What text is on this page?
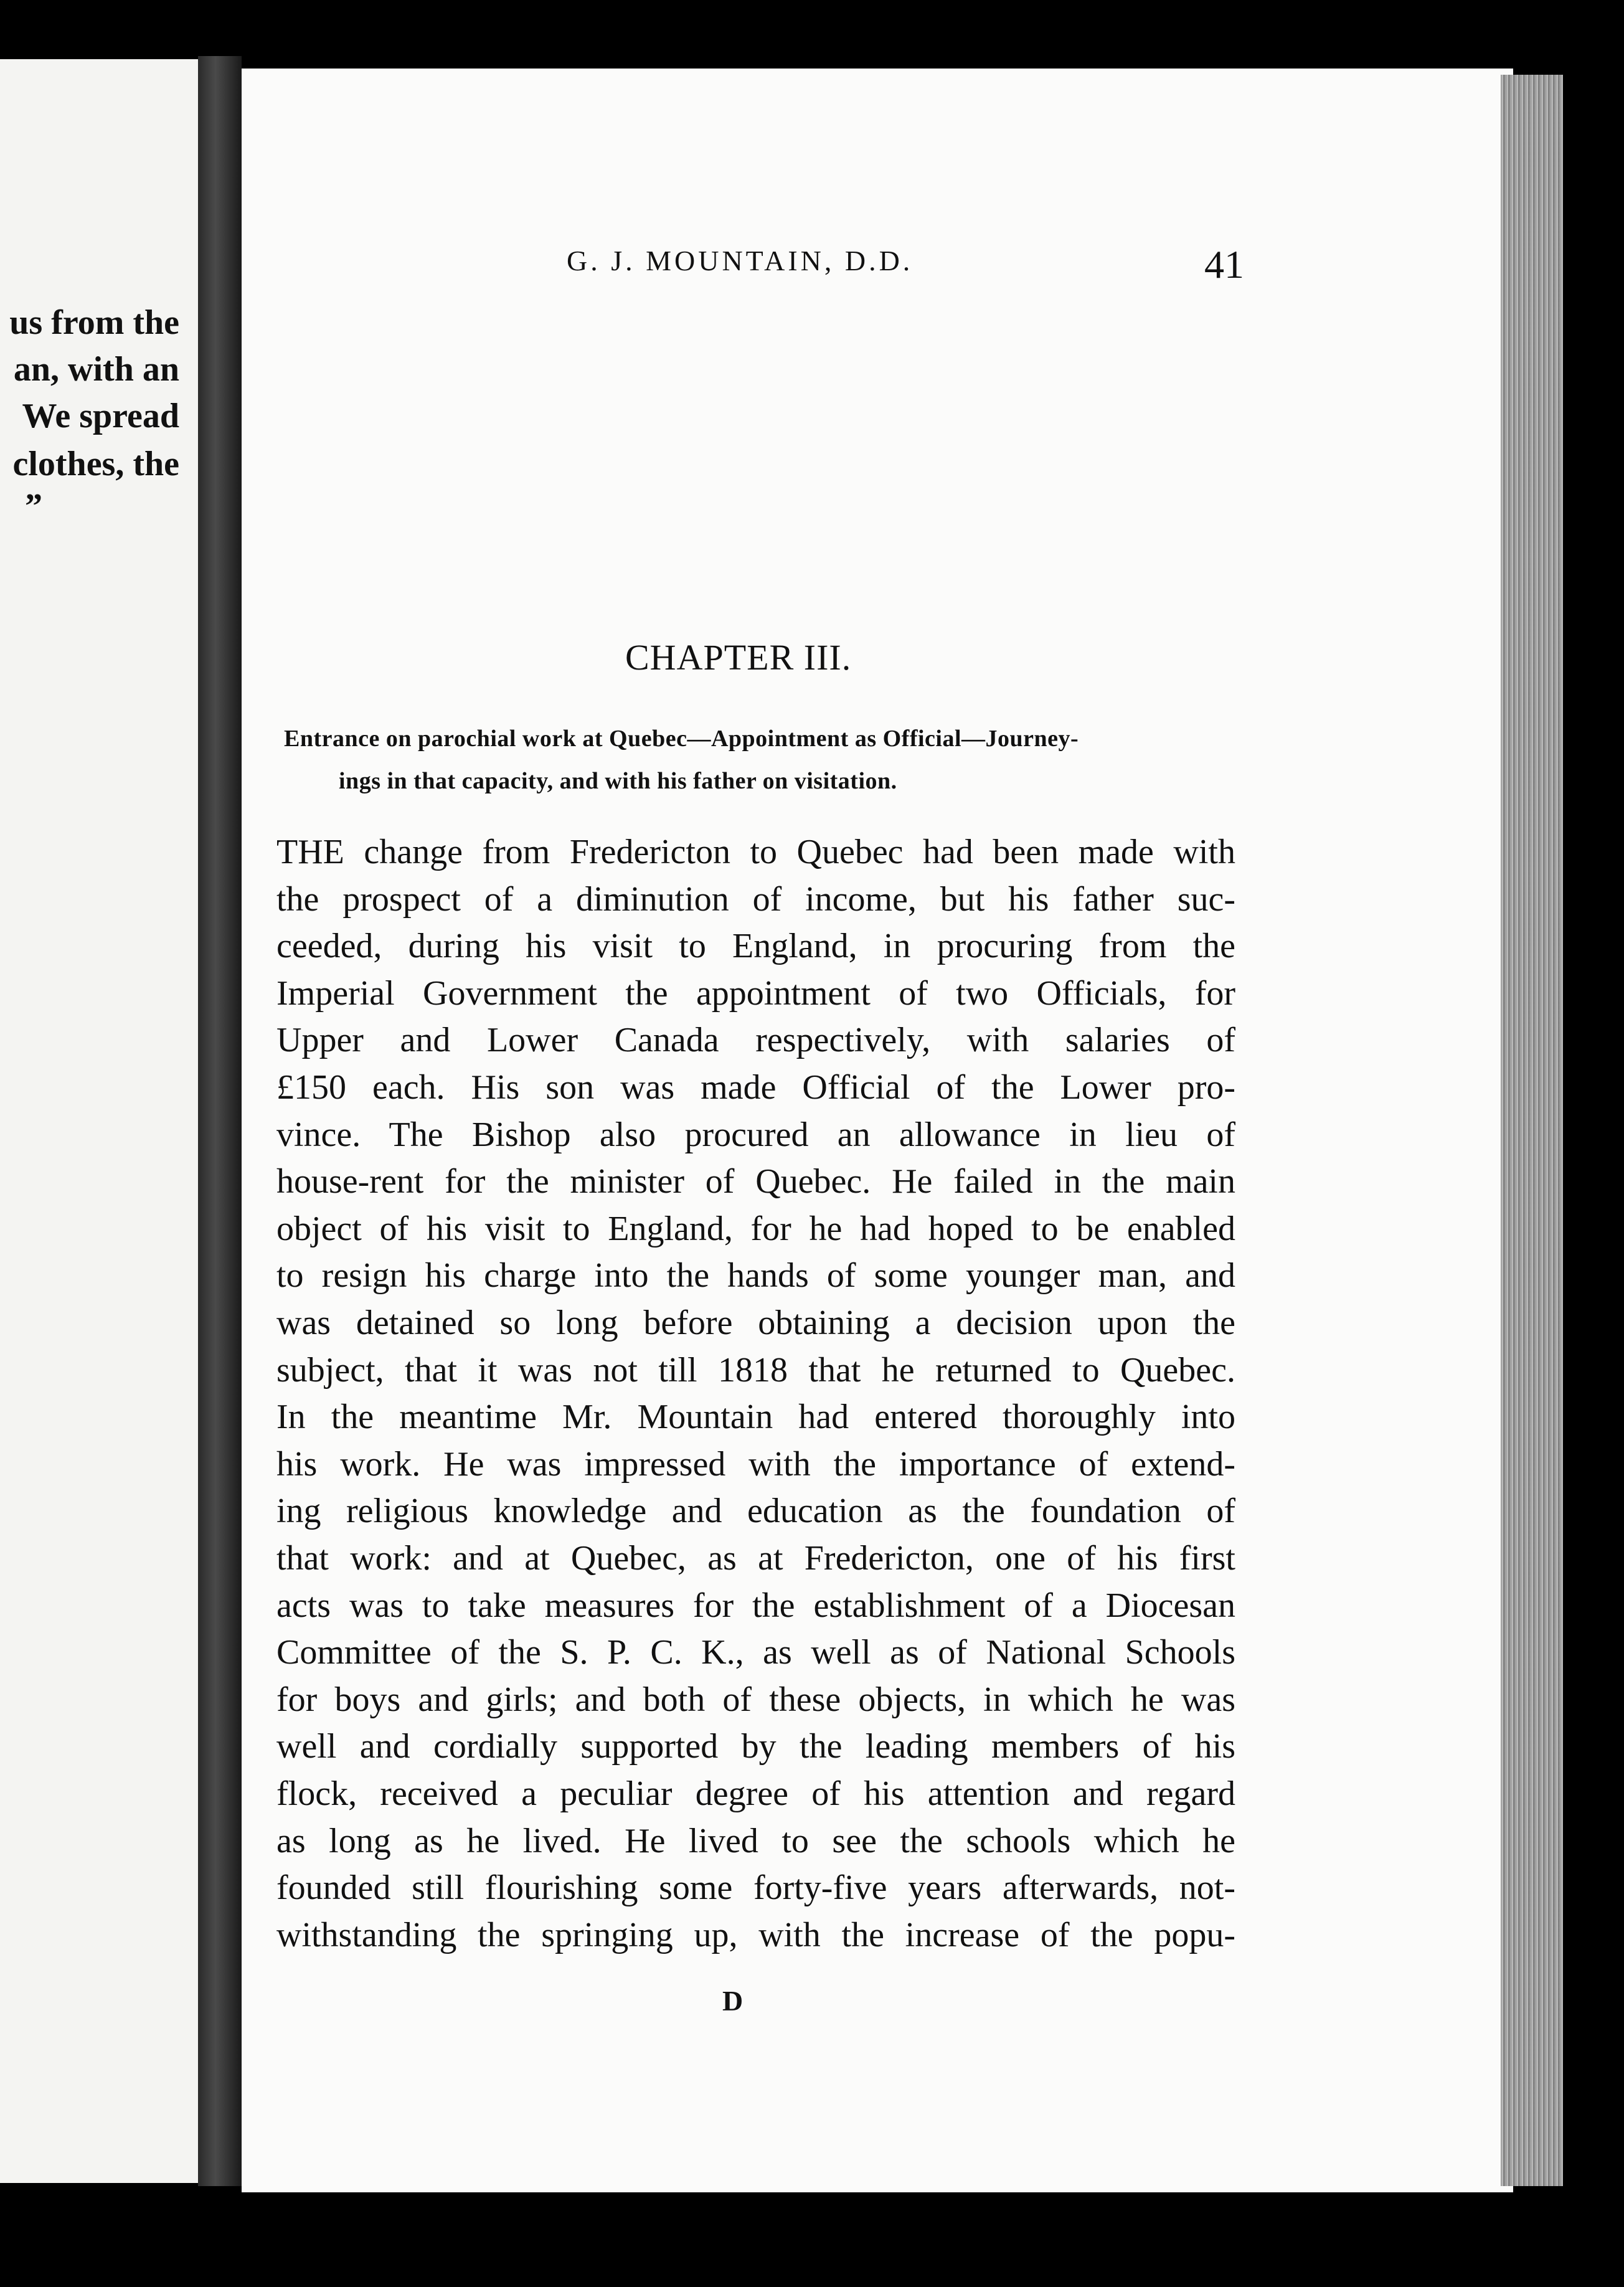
us from the
an, with an
We spread
clothes, the
”
G. J. MOUNTAIN, D.D.	41
CHAPTER III.
Entrance on parochial work at Quebec—Appointment as Official—Journey-
ings in that capacity, and with his father on visitation.
THE change from Fredericton to Quebec had been made with
the prospect of a diminution of income, but his father suc-
ceeded, during his visit to England, in procuring from the
Imperial Government the appointment of two Officials, for
Upper and Lower Canada respectively, with salaries of
£150 each. His son was made Official of the Lower pro-
vince. The Bishop also procured an allowance in lieu of
house-rent for the minister of Quebec. He failed in the main
object of his visit to England, for he had hoped to be enabled
to resign his charge into the hands of some younger man, and
was detained so long before obtaining a decision upon the
subject, that it was not till 1818 that he returned to Quebec.
In the meantime Mr. Mountain had entered thoroughly into
his work. He was impressed with the importance of extend-
ing religious knowledge and education as the foundation of
that work: and at Quebec, as at Fredericton, one of his first
acts was to take measures for the establishment of a Diocesan
Committee of the S. P. C. K., as well as of National Schools
for boys and girls; and both of these objects, in which he was
well and cordially supported by the leading members of his
flock, received a peculiar degree of his attention and regard
as long as he lived. He lived to see the schools which he
founded still flourishing some forty-five years afterwards, not-
withstanding the springing up, with the increase of the popu-
D
